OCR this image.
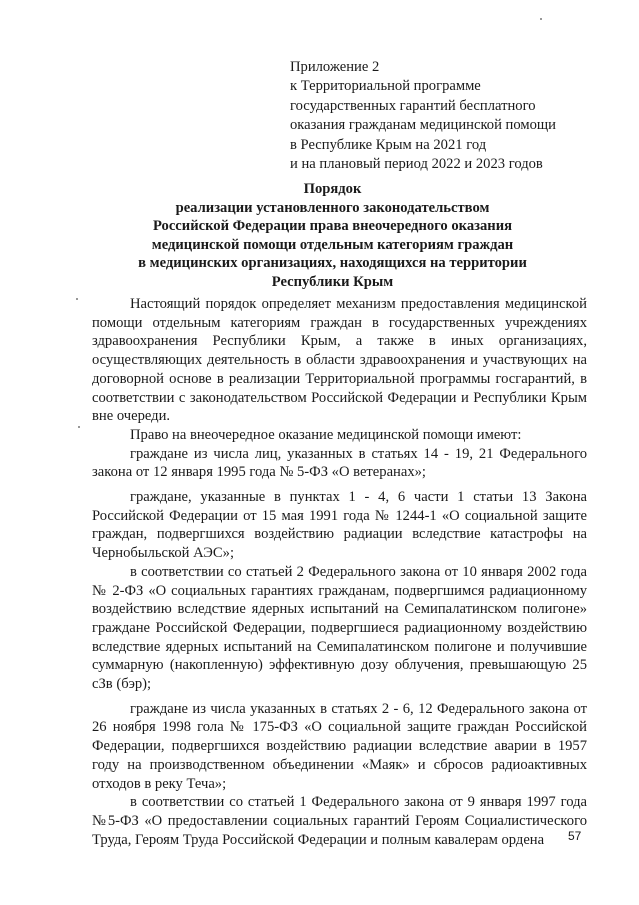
Приложение 2
к Территориальной программе
государственных гарантий бесплатного
оказания гражданам медицинской помощи
в Республике Крым на 2021 год
и на плановый период 2022 и 2023 годов
Порядок
реализации установленного законодательством
Российской Федерации права внеочередного оказания
медицинской помощи отдельным категориям граждан
в медицинских организациях, находящихся на территории
Республики Крым

Настоящий порядок определяет механизм предоставления медицинской помощи отдельным категориям граждан в государственных учреждениях здравоохранения Республики Крым, а также в иных организациях, осуществляющих деятельность в области здравоохранения и участвующих на договорной основе в реализации Территориальной программы госгарантий, в соответствии с законодательством Российской Федерации и Республики Крым вне очереди.

Право на внеочередное оказание медицинской помощи имеют:

граждане из числа лиц, указанных в статьях 14 - 19, 21 Федерального закона от 12 января 1995 года № 5-ФЗ «О ветеранах»;

граждане, указанные в пунктах 1 - 4, 6 части 1 статьи 13 Закона Российской Федерации от 15 мая 1991 года № 1244-1 «О социальной защите граждан, подвергшихся воздействию радиации вследствие катастрофы на Чернобыльской АЭС»;

в соответствии со статьей 2 Федерального закона от 10 января 2002 года № 2-ФЗ «О социальных гарантиях гражданам, подвергшимся радиационному воздействию вследствие ядерных испытаний на Семипалатинском полигоне» граждане Российской Федерации, подвергшиеся радиационному воздействию вследствие ядерных испытаний на Семипалатинском полигоне и получившие суммарную (накопленную) эффективную дозу облучения, превышающую 25 сЗв (бэр);

граждане из числа указанных в статьях 2 - 6, 12 Федерального закона от 26 ноября 1998 гола № 175-ФЗ «О социальной защите граждан Российской Федерации, подвергшихся воздействию радиации вследствие аварии в 1957 году на производственном объединении «Маяк» и сбросов радиоактивных отходов в реку Теча»;

в соответствии со статьей 1 Федерального закона от 9 января 1997 года №5-ФЗ «О предоставлении социальных гарантий Героям Социалистического Труда, Героям Труда Российской Федерации и полным кавалерам ордена	57
